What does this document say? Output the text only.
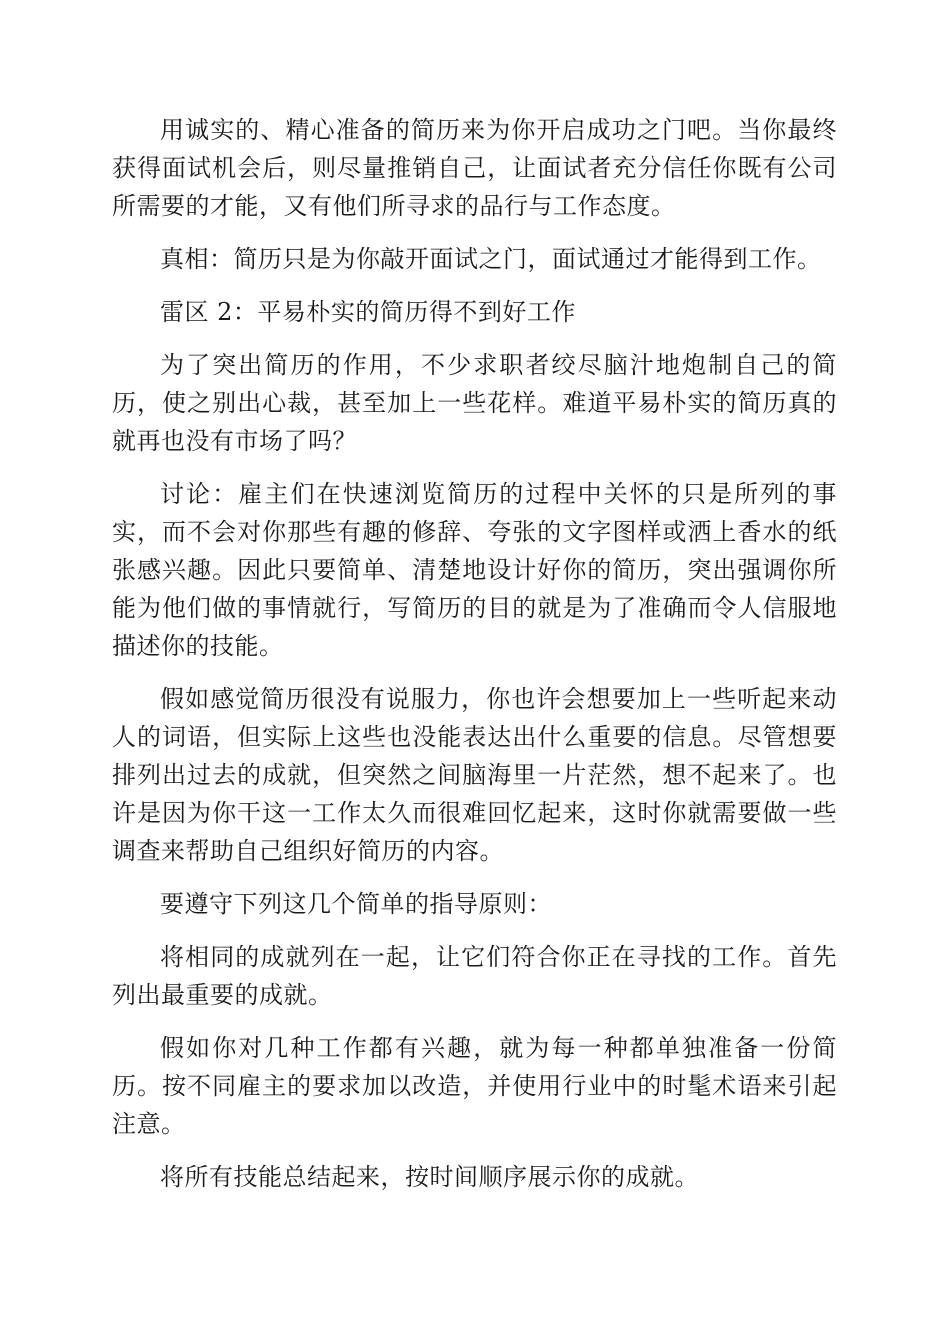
用诚实的、精心准备的简历来为你开启成功之门吧。当你最终获得面试机会后，则尽量推销自己，让面试者充分信任你既有公司所需要的才能，又有他们所寻求的品行与工作态度。

真相：简历只是为你敲开面试之门，面试通过才能得到工作。

雷区 2：平易朴实的简历得不到好工作

为了突出简历的作用，不少求职者绞尽脑汁地炮制自己的简历，使之别出心裁，甚至加上一些花样。难道平易朴实的简历真的就再也没有市场了吗？

讨论：雇主们在快速浏览简历的过程中关怀的只是所列的事实，而不会对你那些有趣的修辞、夸张的文字图样或洒上香水的纸张感兴趣。因此只要简单、清楚地设计好你的简历，突出强调你所能为他们做的事情就行，写简历的目的就是为了准确而令人信服地描述你的技能。

假如感觉简历很没有说服力，你也许会想要加上一些听起来动人的词语，但实际上这些也没能表达出什么重要的信息。尽管想要排列出过去的成就，但突然之间脑海里一片茫然，想不起来了。也许是因为你干这一工作太久而很难回忆起来，这时你就需要做一些调查来帮助自己组织好简历的内容。

要遵守下列这几个简单的指导原则：

将相同的成就列在一起，让它们符合你正在寻找的工作。首先列出最重要的成就。

假如你对几种工作都有兴趣，就为每一种都单独准备一份简历。按不同雇主的要求加以改造，并使用行业中的时髦术语来引起注意。

将所有技能总结起来，按时间顺序展示你的成就。
